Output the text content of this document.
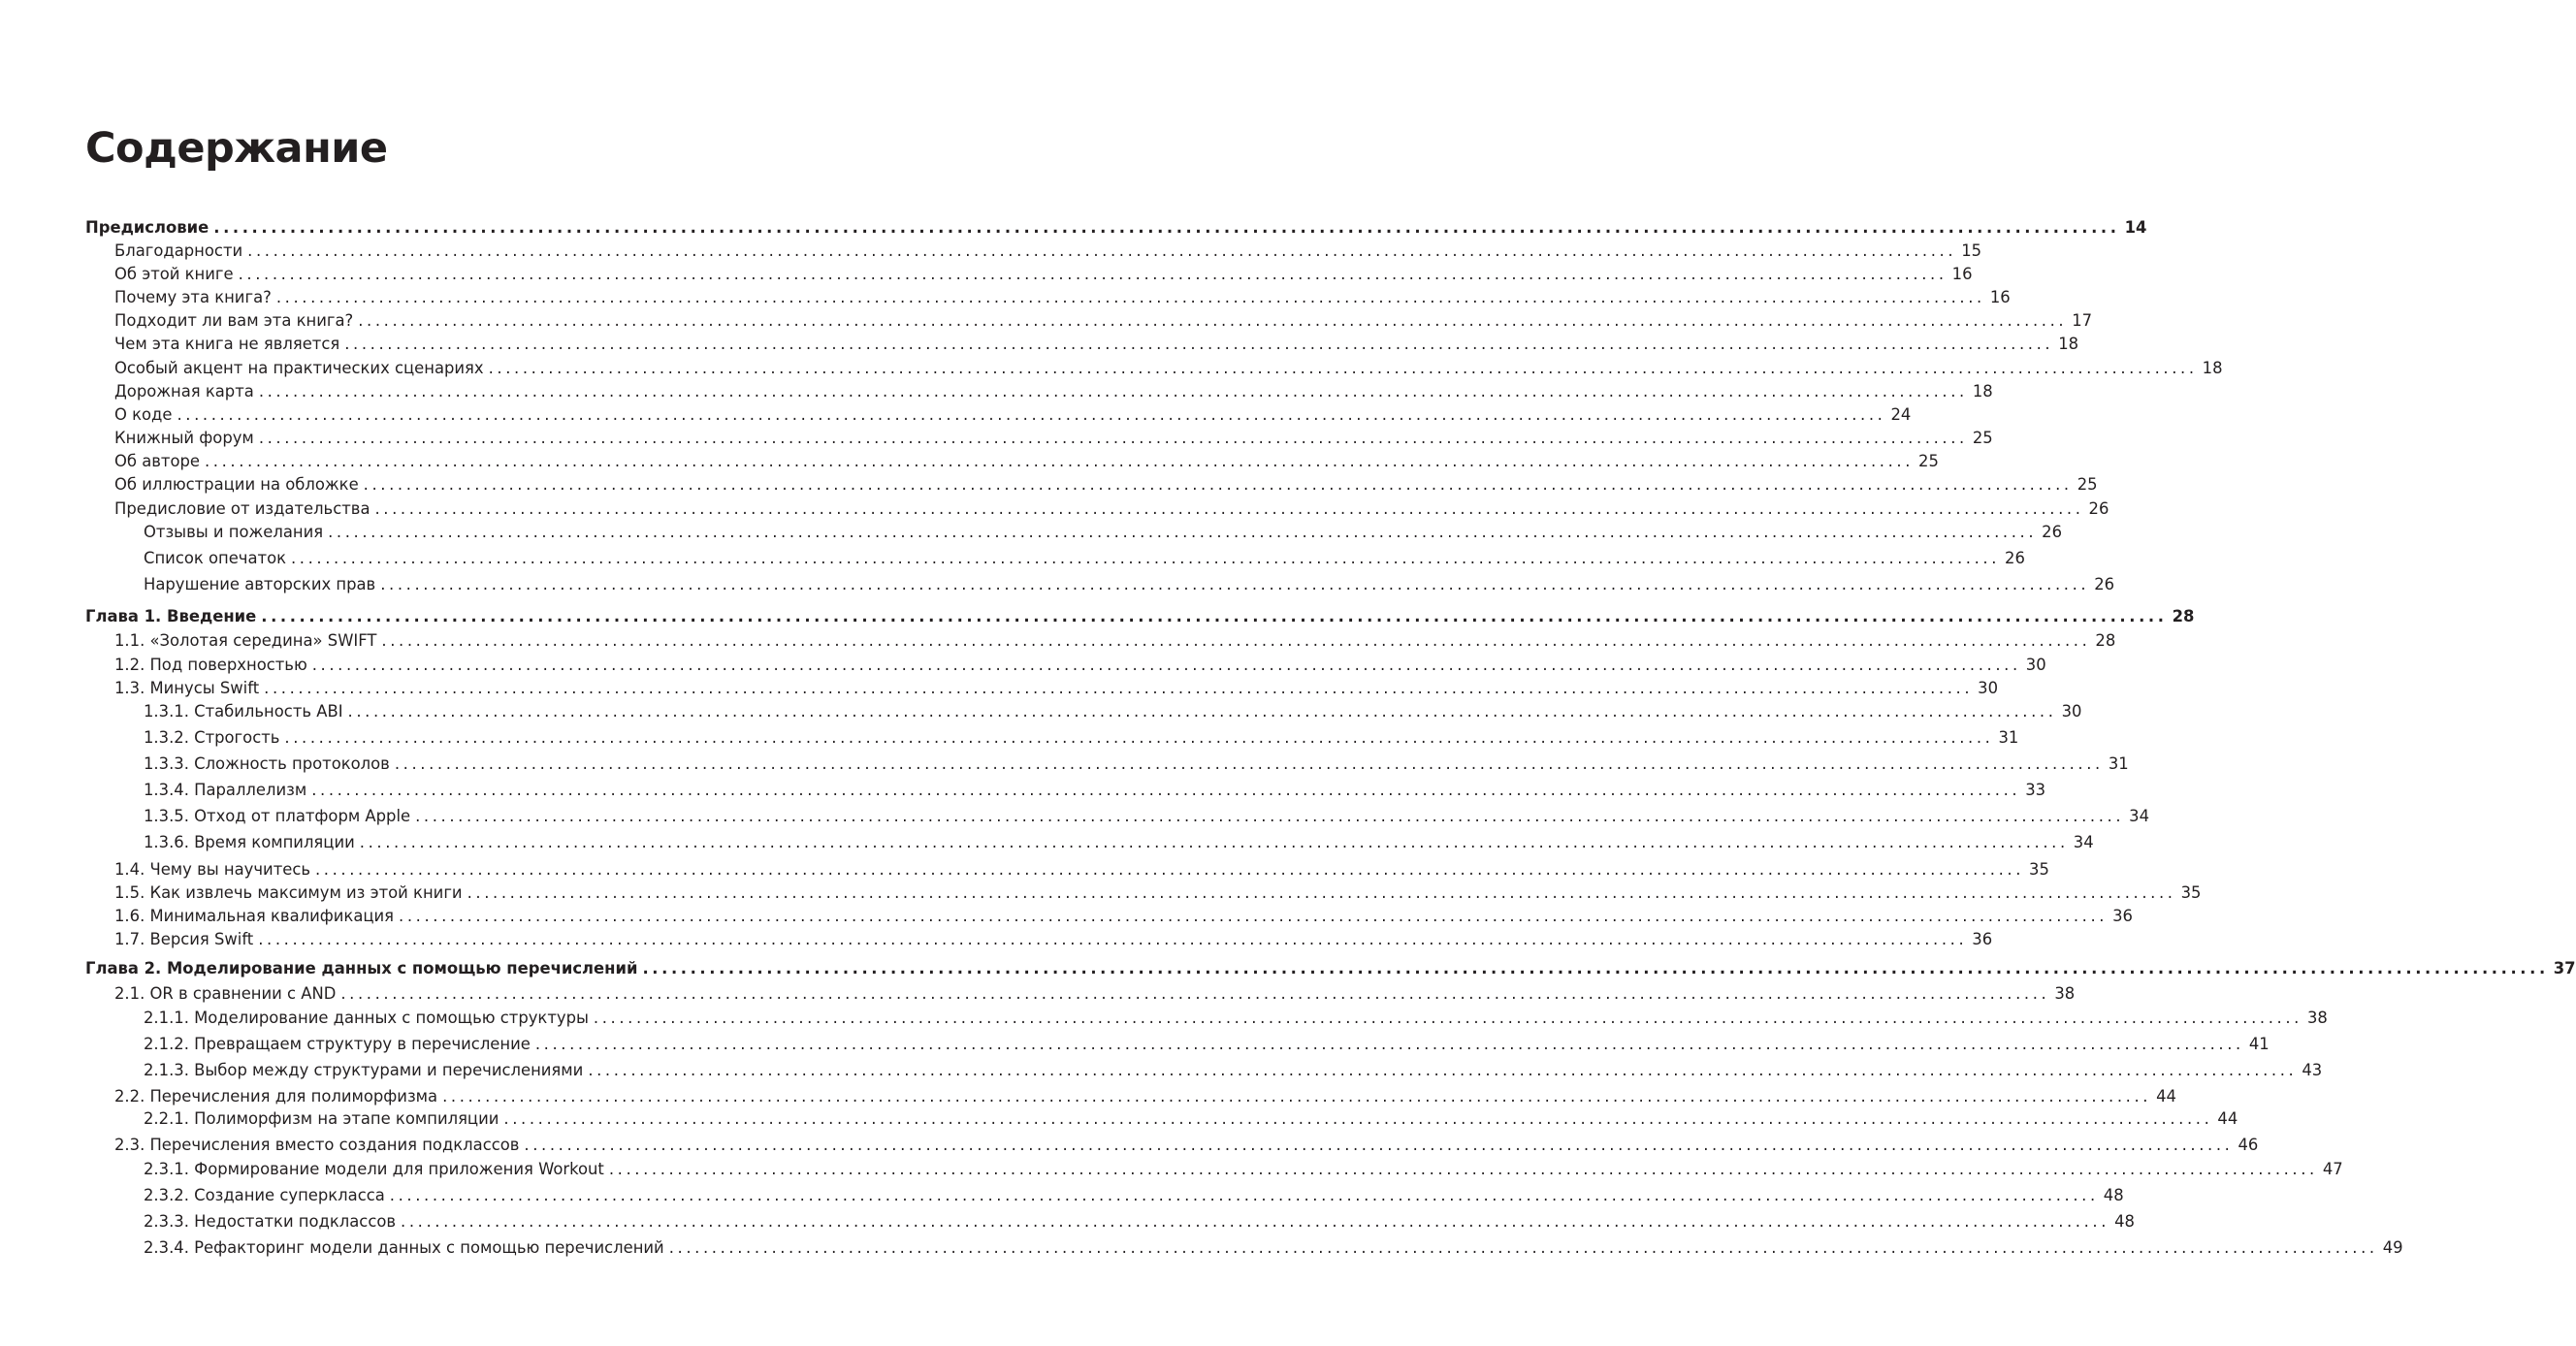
Содержание
Предисловие ........................................................................................................................................................................................................ 14
Благодарности ........................................................................................................................................................................................................ 15
Об этой книге ........................................................................................................................................................................................................ 16
Почему эта книга? ........................................................................................................................................................................................................ 16
Подходит ли вам эта книга? ........................................................................................................................................................................................................ 17
Чем эта книга не является ........................................................................................................................................................................................................ 18
Особый акцент на практических сценариях ........................................................................................................................................................................................................ 18
Дорожная карта ........................................................................................................................................................................................................ 18
О коде ........................................................................................................................................................................................................ 24
Книжный форум ........................................................................................................................................................................................................ 25
Об авторе ........................................................................................................................................................................................................ 25
Об иллюстрации на обложке ........................................................................................................................................................................................................ 25
Предисловие от издательства ........................................................................................................................................................................................................ 26
Отзывы и пожелания ........................................................................................................................................................................................................ 26
Список опечаток ........................................................................................................................................................................................................ 26
Нарушение авторских прав ........................................................................................................................................................................................................ 26
Глава 1. Введение ........................................................................................................................................................................................................ 28
1.1. «Золотая середина» SWIFT ........................................................................................................................................................................................................ 28
1.2. Под поверхностью ........................................................................................................................................................................................................ 30
1.3. Минусы Swift ........................................................................................................................................................................................................ 30
1.3.1. Стабильность ABI ........................................................................................................................................................................................................ 30
1.3.2. Строгость ........................................................................................................................................................................................................ 31
1.3.3. Сложность протоколов ........................................................................................................................................................................................................ 31
1.3.4. Параллелизм ........................................................................................................................................................................................................ 33
1.3.5. Отход от платформ Apple ........................................................................................................................................................................................................ 34
1.3.6. Время компиляции ........................................................................................................................................................................................................ 34
1.4. Чему вы научитесь ........................................................................................................................................................................................................ 35
1.5. Как извлечь максимум из этой книги ........................................................................................................................................................................................................ 35
1.6. Минимальная квалификация ........................................................................................................................................................................................................ 36
1.7. Версия Swift ........................................................................................................................................................................................................ 36
Глава 2. Моделирование данных с помощью перечислений ........................................................................................................................................................................................................ 37
2.1. OR в сравнении с AND ........................................................................................................................................................................................................ 38
2.1.1. Моделирование данных с помощью структуры ........................................................................................................................................................................................................ 38
2.1.2. Превращаем структуру в перечисление ........................................................................................................................................................................................................ 41
2.1.3. Выбор между структурами и перечислениями ........................................................................................................................................................................................................ 43
2.2. Перечисления для полиморфизма ........................................................................................................................................................................................................ 44
2.2.1. Полиморфизм на этапе компиляции ........................................................................................................................................................................................................ 44
2.3. Перечисления вместо создания подклассов ........................................................................................................................................................................................................ 46
2.3.1. Формирование модели для приложения Workout ........................................................................................................................................................................................................ 47
2.3.2. Создание суперкласса ........................................................................................................................................................................................................ 48
2.3.3. Недостатки подклассов ........................................................................................................................................................................................................ 48
2.3.4. Рефакторинг модели данных с помощью перечислений ........................................................................................................................................................................................................ 49
